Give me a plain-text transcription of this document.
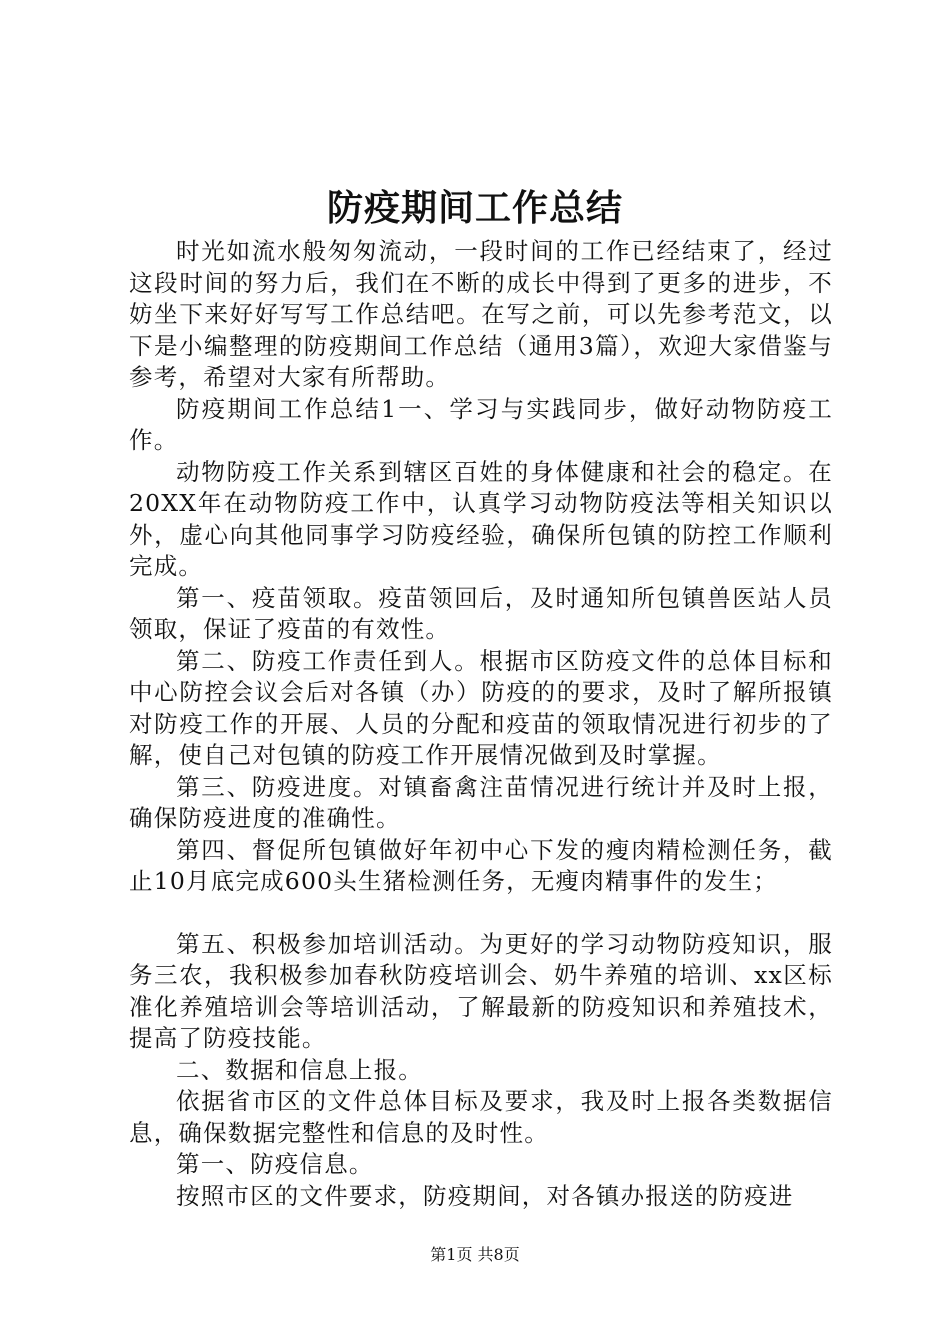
防疫期间工作总结

时光如流水般匆匆流动，一段时间的工作已经结束了，经过这段时间的努力后，我们在不断的成长中得到了更多的进步，不妨坐下来好好写写工作总结吧。在写之前，可以先参考范文，以下是小编整理的防疫期间工作总结（通用3篇），欢迎大家借鉴与参考，希望对大家有所帮助。

防疫期间工作总结1一、学习与实践同步，做好动物防疫工作。

动物防疫工作关系到辖区百姓的身体健康和社会的稳定。在20XX年在动物防疫工作中，认真学习动物防疫法等相关知识以外，虚心向其他同事学习防疫经验，确保所包镇的防控工作顺利完成。

第一、疫苗领取。疫苗领回后，及时通知所包镇兽医站人员领取，保证了疫苗的有效性。

第二、防疫工作责任到人。根据市区防疫文件的总体目标和中心防控会议会后对各镇（办）防疫的的要求，及时了解所报镇对防疫工作的开展、人员的分配和疫苗的领取情况进行初步的了解，使自己对包镇的防疫工作开展情况做到及时掌握。

第三、防疫进度。对镇畜禽注苗情况进行统计并及时上报，确保防疫进度的准确性。

第四、督促所包镇做好年初中心下发的瘦肉精检测任务，截止10月底完成600头生猪检测任务，无瘦肉精事件的发生；

第五、积极参加培训活动。为更好的学习动物防疫知识，服务三农，我积极参加春秋防疫培训会、奶牛养殖的培训、xx区标准化养殖培训会等培训活动，了解最新的防疫知识和养殖技术，提高了防疫技能。

二、数据和信息上报。

依据省市区的文件总体目标及要求，我及时上报各类数据信息，确保数据完整性和信息的及时性。

第一、防疫信息。

按照市区的文件要求，防疫期间，对各镇办报送的防疫进

第1页 共8页
